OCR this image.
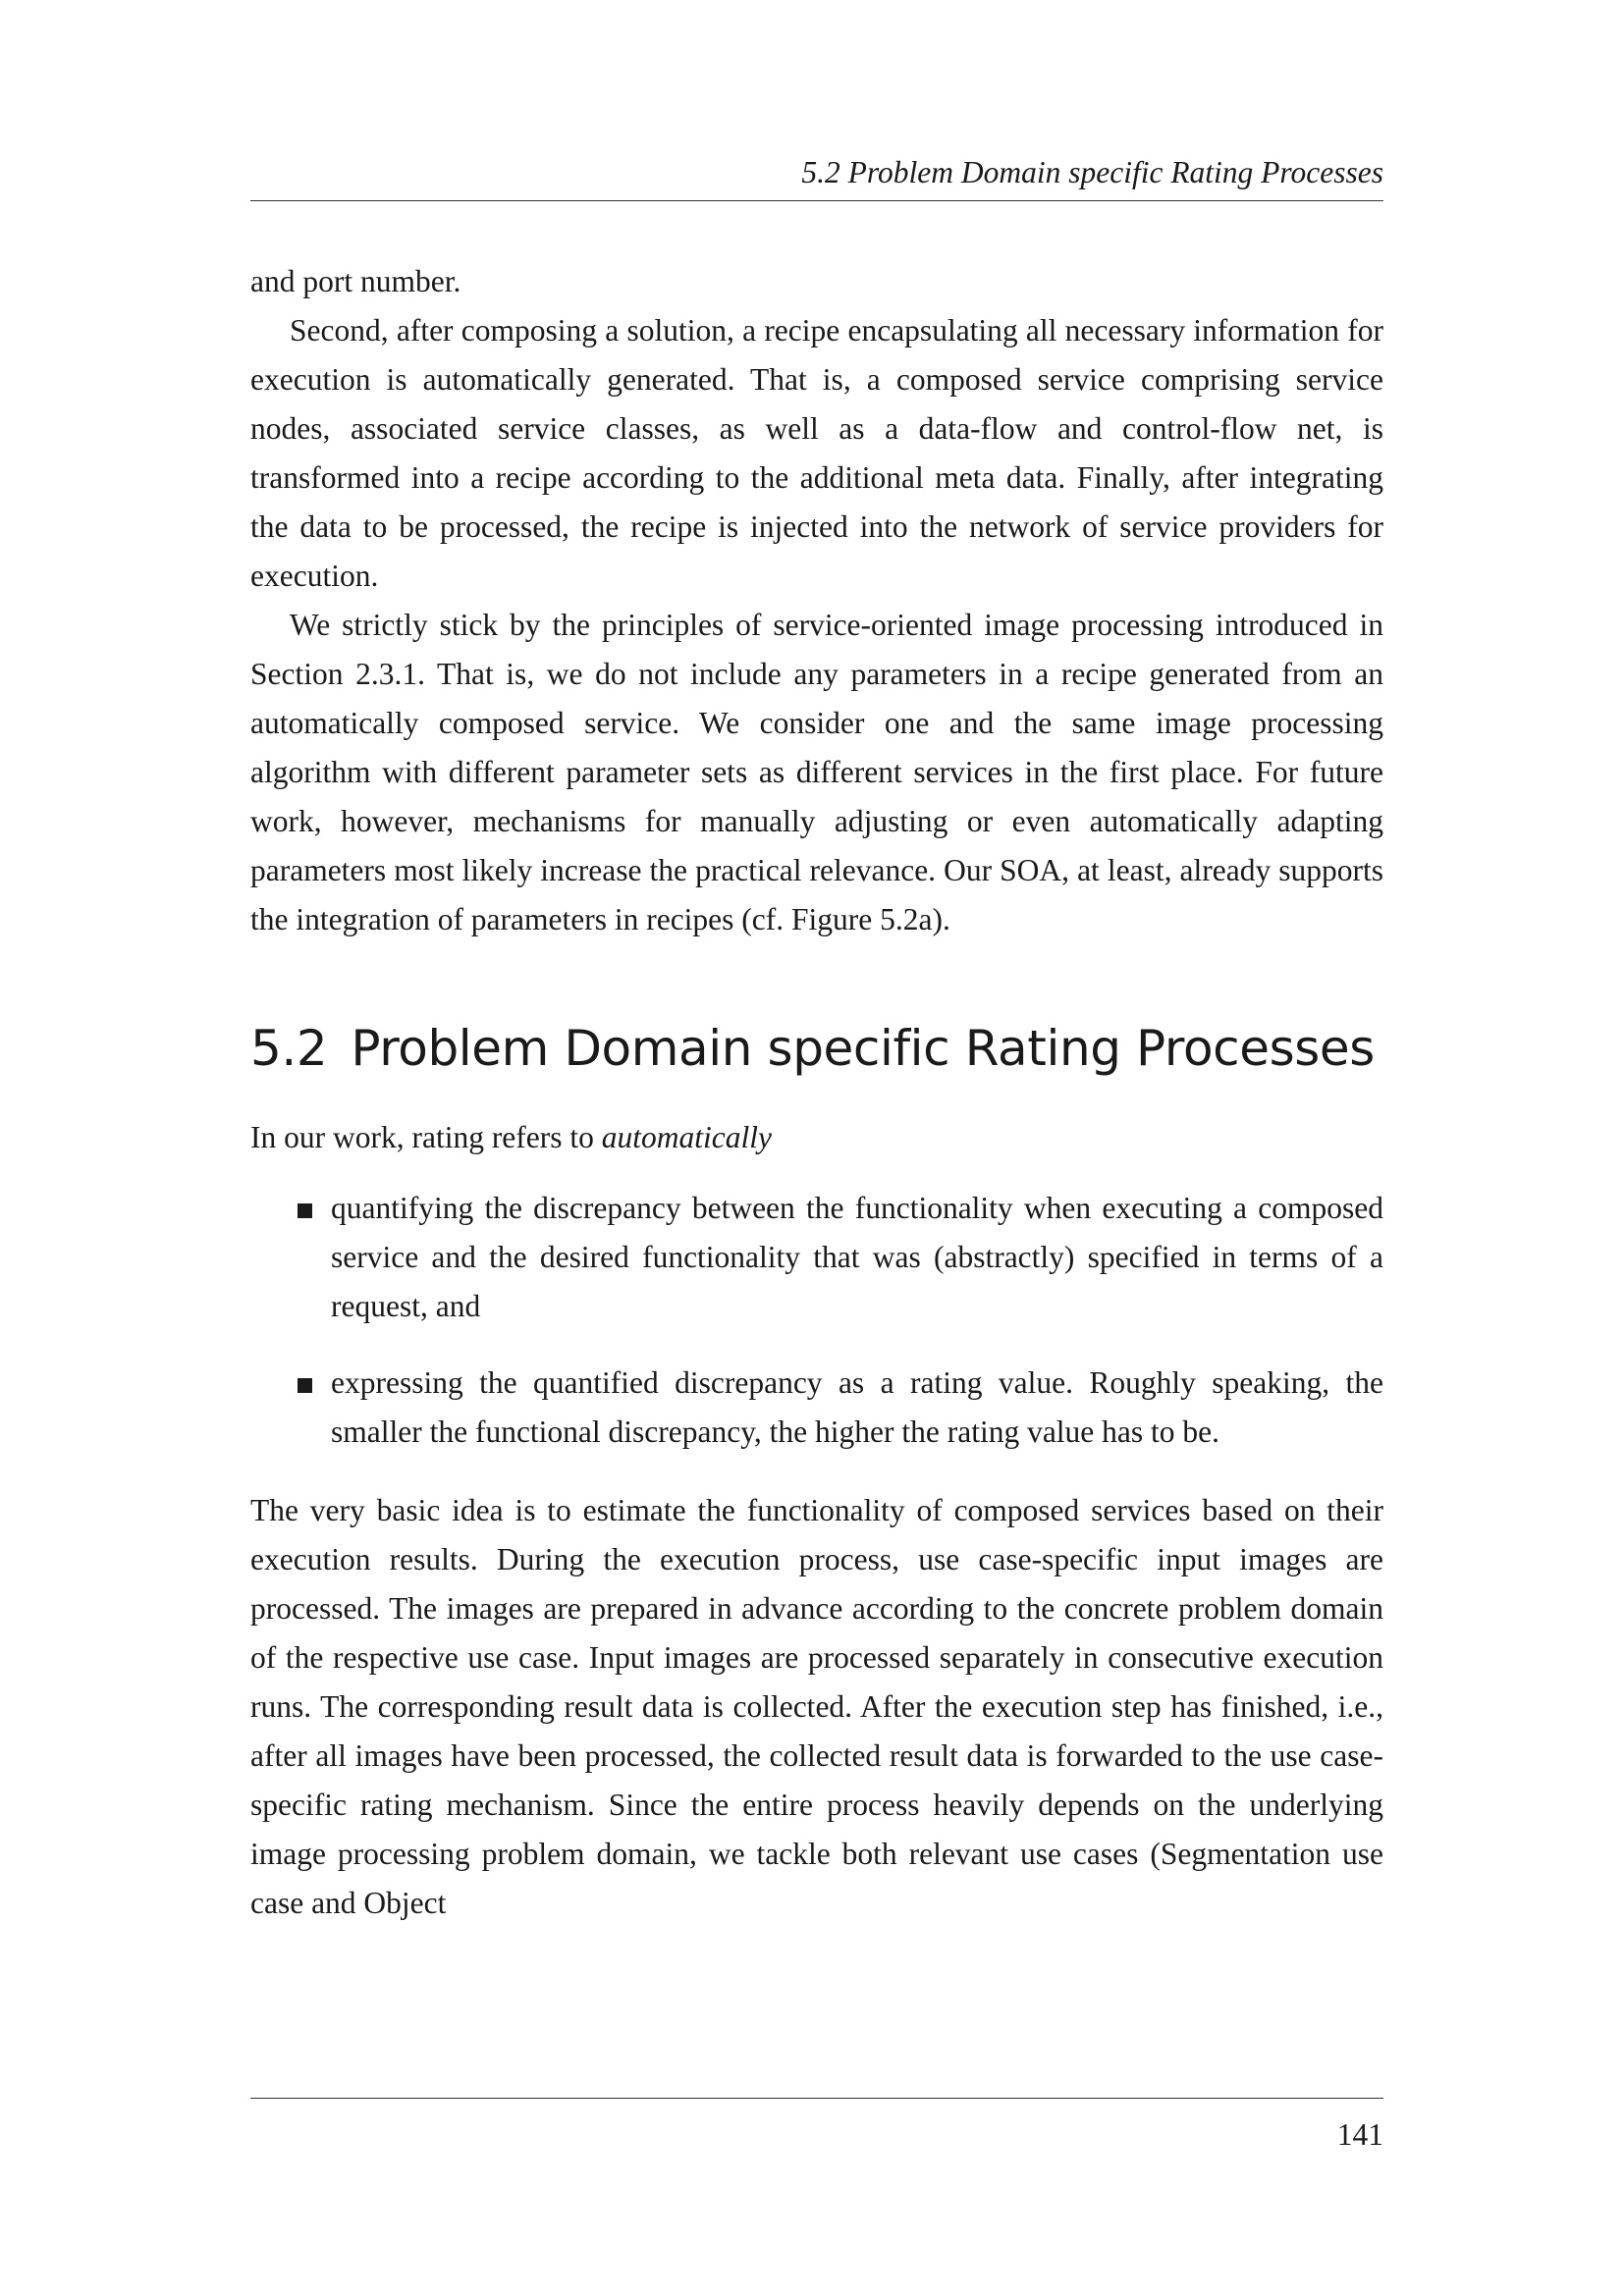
5.2 Problem Domain specific Rating Processes

and port number.

Second, after composing a solution, a recipe encapsulating all necessary information for execution is automatically generated. That is, a composed service comprising service nodes, associated service classes, as well as a data-flow and control-flow net, is transformed into a recipe according to the additional meta data. Finally, after integrating the data to be processed, the recipe is injected into the network of service providers for execution.

We strictly stick by the principles of service-oriented image processing introduced in Section 2.3.1. That is, we do not include any parameters in a recipe generated from an automatically composed service. We consider one and the same image processing algorithm with different parameter sets as different services in the first place. For future work, however, mechanisms for manually adjusting or even automatically adapting parameters most likely increase the practical relevance. Our SOA, at least, already supports the integration of parameters in recipes (cf. Figure 5.2a).

5.2 Problem Domain specific Rating Processes

In our work, rating refers to automatically

quantifying the discrepancy between the functionality when executing a composed service and the desired functionality that was (abstractly) specified in terms of a request, and
expressing the quantified discrepancy as a rating value. Roughly speaking, the smaller the functional discrepancy, the higher the rating value has to be.

The very basic idea is to estimate the functionality of composed services based on their execution results. During the execution process, use case-specific input images are processed. The images are prepared in advance according to the concrete problem domain of the respective use case. Input images are processed separately in consecutive execution runs. The corresponding result data is collected. After the execution step has finished, i.e., after all images have been processed, the collected result data is forwarded to the use case-specific rating mechanism. Since the entire process heavily depends on the underlying image processing problem domain, we tackle both relevant use cases (Segmentation use case and Object

141
